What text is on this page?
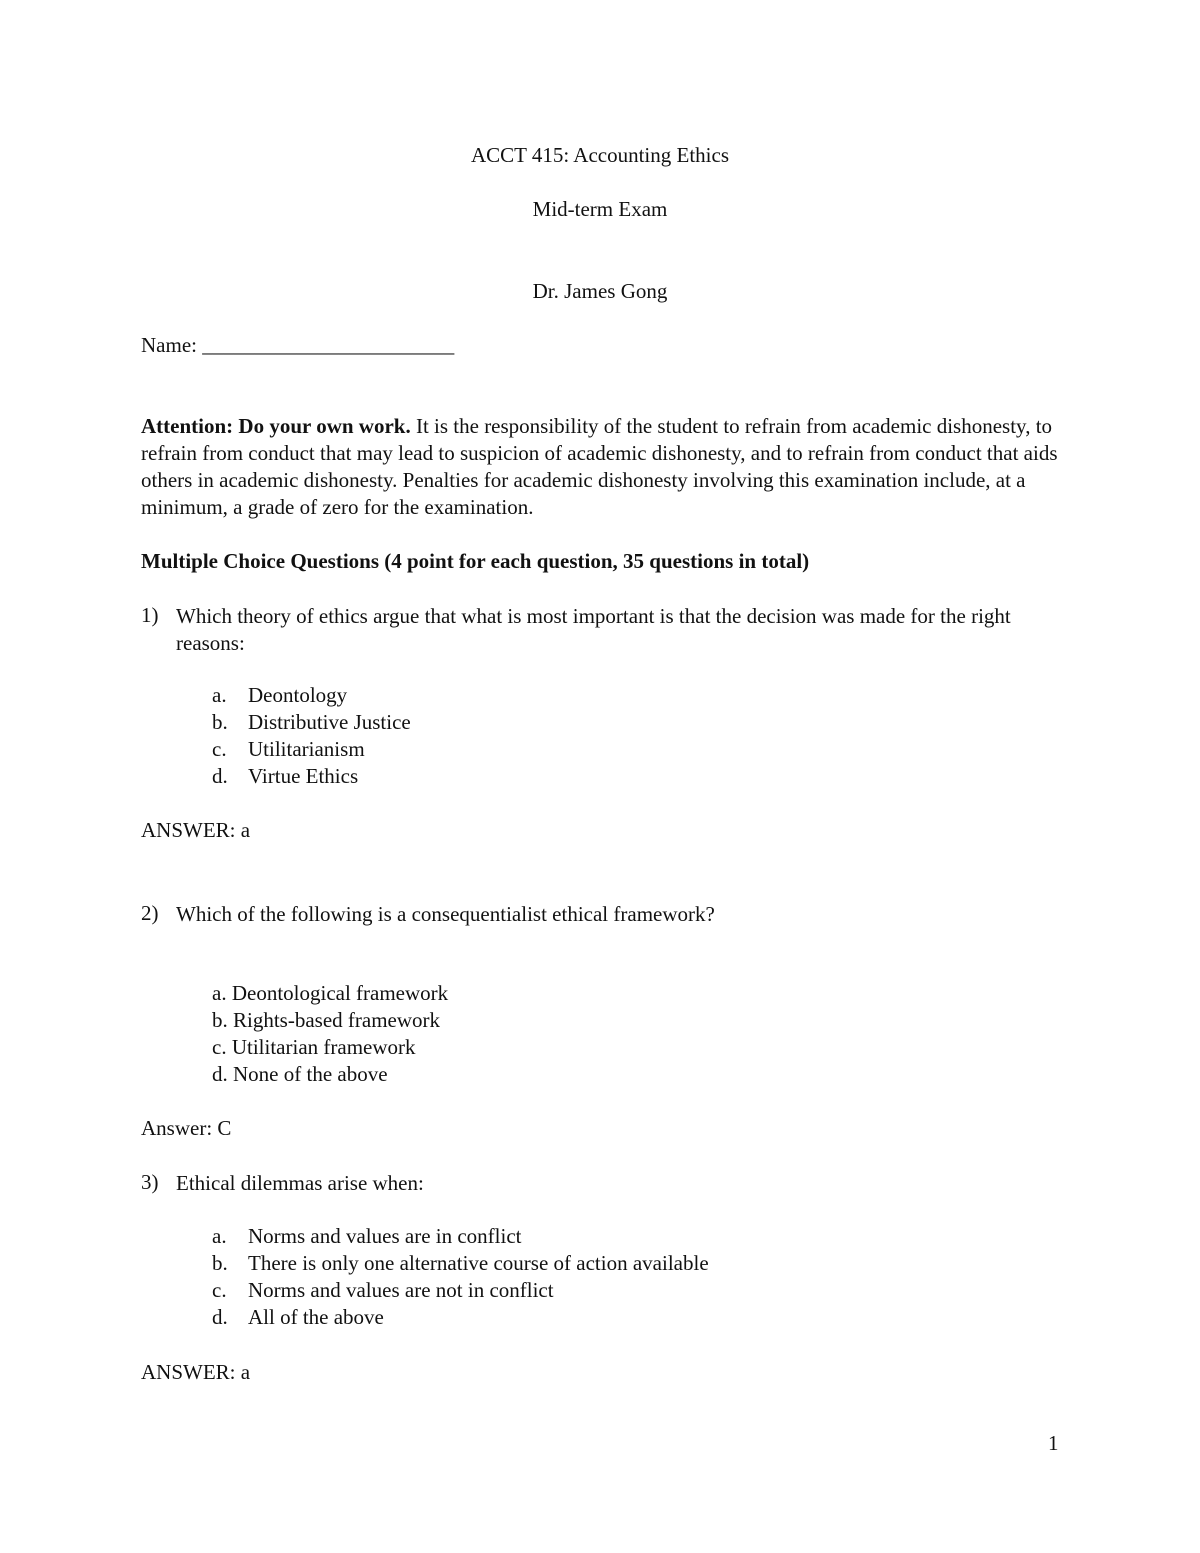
ACCT 415: Accounting Ethics
Mid-term Exam
Dr. James Gong
Name: ________________________
Attention: Do your own work. It is the responsibility of the student to refrain from academic dishonesty, to refrain from conduct that may lead to suspicion of academic dishonesty, and to refrain from conduct that aids others in academic dishonesty. Penalties for academic dishonesty involving this examination include, at a minimum, a grade of zero for the examination.
Multiple Choice Questions (4 point for each question, 35 questions in total)
1) Which theory of ethics argue that what is most important is that the decision was made for the right reasons:
a. Deontology
b. Distributive Justice
c. Utilitarianism
d. Virtue Ethics
ANSWER: a
2) Which of the following is a consequentialist ethical framework?
a. Deontological framework
b. Rights-based framework
c. Utilitarian framework
d. None of the above
Answer: C
3) Ethical dilemmas arise when:
a. Norms and values are in conflict
b. There is only one alternative course of action available
c. Norms and values are not in conflict
d. All of the above
ANSWER: a
1
